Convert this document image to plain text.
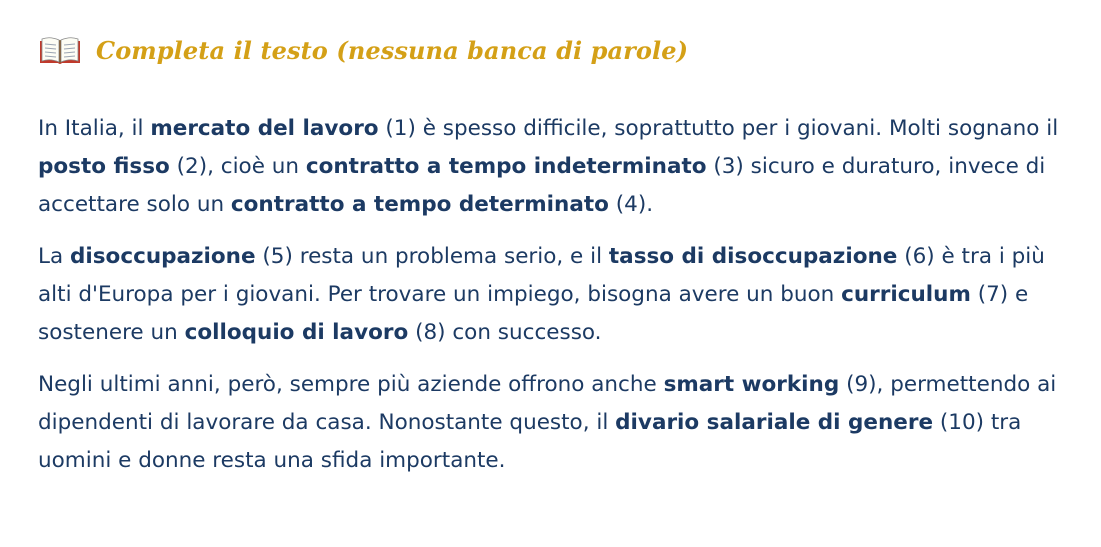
Completa il testo (nessuna banca di parole)

In Italia, il mercato del lavoro (1) è spesso difficile, soprattutto per i giovani. Molti sognano il posto fisso (2), cioè un contratto a tempo indeterminato (3) sicuro e duraturo, invece di accettare solo un contratto a tempo determinato (4).

La disoccupazione (5) resta un problema serio, e il tasso di disoccupazione (6) è tra i più alti d'Europa per i giovani. Per trovare un impiego, bisogna avere un buon curriculum (7) e sostenere un colloquio di lavoro (8) con successo.

Negli ultimi anni, però, sempre più aziende offrono anche smart working (9), permettendo ai dipendenti di lavorare da casa. Nonostante questo, il divario salariale di genere (10) tra uomini e donne resta una sfida importante.
